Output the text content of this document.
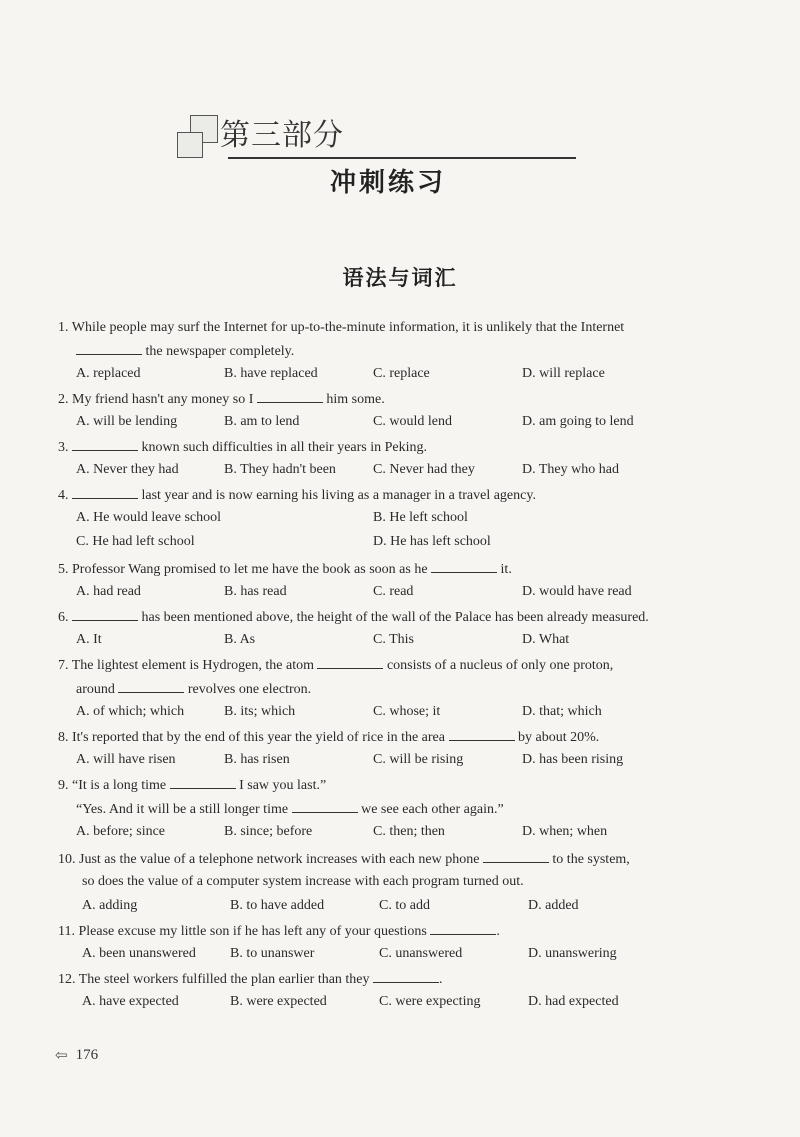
第三部分
冲刺练习
语法与词汇
1. While people may surf the Internet for up-to-the-minute information, it is unlikely that the Internet
the newspaper completely.
A. replaced	B. have replaced	C. replace	D. will replace
2. My friend hasn't any money so I	him some.
A. will be lending	B. am to lend	C. would lend	D. am going to lend
3.	known such difficulties in all their years in Peking.
A. Never they had	B. They hadn't been	C. Never had they	D. They who had
4.	last year and is now earning his living as a manager in a travel agency.
A. He would leave school	B. He left school
C. He had left school	D. He has left school
5. Professor Wang promised to let me have the book as soon as he	it.
A. had read	B. has read	C. read	D. would have read
6.	has been mentioned above, the height of the wall of the Palace has been already measured.
A. It	B. As	C. This	D. What
7. The lightest element is Hydrogen, the atom	consists of a nucleus of only one proton,
around	revolves one electron.
A. of which; which	B. its; which	C. whose; it	D. that; which
8. It's reported that by the end of this year the yield of rice in the area	by about 20%.
A. will have risen	B. has risen	C. will be rising	D. has been rising
9. “It is a long time	I saw you last.”
“Yes. And it will be a still longer time	we see each other again.”
A. before; since	B. since; before	C. then; then	D. when; when
10. Just as the value of a telephone network increases with each new phone	to the system,
so does the value of a computer system increase with each program turned out.
A. adding	B. to have added	C. to add	D. added
11. Please excuse my little son if he has left any of your questions	.
A. been unanswered B. to unanswer	C. unanswered	D. unanswering
12. The steel workers fulfilled the plan earlier than they	.
A. have expected	B. were expected	C. were expecting	D. had expected
⇦ 176
